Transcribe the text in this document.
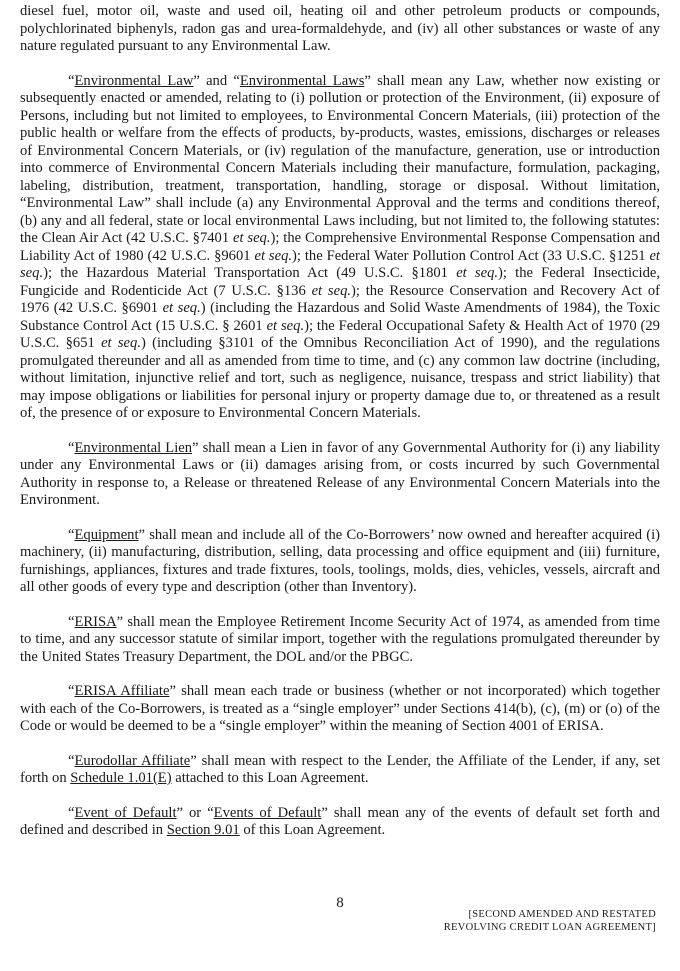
diesel fuel, motor oil, waste and used oil, heating oil and other petroleum products or compounds, polychlorinated biphenyls, radon gas and urea-formaldehyde, and (iv) all other substances or waste of any nature regulated pursuant to any Environmental Law.

“Environmental Law” and “Environmental Laws” shall mean any Law, whether now existing or subsequently enacted or amended, relating to (i) pollution or protection of the Environment, (ii) exposure of Persons, including but not limited to employees, to Environmental Concern Materials, (iii) protection of the public health or welfare from the effects of products, by-products, wastes, emissions, discharges or releases of Environmental Concern Materials, or (iv) regulation of the manufacture, generation, use or introduction into commerce of Environmental Concern Materials including their manufacture, formulation, packaging, labeling, distribution, treatment, transportation, handling, storage or disposal. Without limitation, “Environmental Law” shall include (a) any Environmental Approval and the terms and conditions thereof, (b) any and all federal, state or local environmental Laws including, but not limited to, the following statutes: the Clean Air Act (42 U.S.C. §7401 et seq.); the Comprehensive Environmental Response Compensation and Liability Act of 1980 (42 U.S.C. §9601 et seq.); the Federal Water Pollution Control Act (33 U.S.C. §1251 et seq.); the Hazardous Material Transportation Act (49 U.S.C. §1801 et seq.); the Federal Insecticide, Fungicide and Rodenticide Act (7 U.S.C. §136 et seq.); the Resource Conservation and Recovery Act of 1976 (42 U.S.C. §6901 et seq.) (including the Hazardous and Solid Waste Amendments of 1984), the Toxic Substance Control Act (15 U.S.C. § 2601 et seq.); the Federal Occupational Safety & Health Act of 1970 (29 U.S.C. §651 et seq.) (including §3101 of the Omnibus Reconciliation Act of 1990), and the regulations promulgated thereunder and all as amended from time to time, and (c) any common law doctrine (including, without limitation, injunctive relief and tort, such as negligence, nuisance, trespass and strict liability) that may impose obligations or liabilities for personal injury or property damage due to, or threatened as a result of, the presence of or exposure to Environmental Concern Materials.

“Environmental Lien” shall mean a Lien in favor of any Governmental Authority for (i) any liability under any Environmental Laws or (ii) damages arising from, or costs incurred by such Governmental Authority in response to, a Release or threatened Release of any Environmental Concern Materials into the Environment.

“Equipment” shall mean and include all of the Co-Borrowers’ now owned and hereafter acquired (i) machinery, (ii) manufacturing, distribution, selling, data processing and office equipment and (iii) furniture, furnishings, appliances, fixtures and trade fixtures, tools, toolings, molds, dies, vehicles, vessels, aircraft and all other goods of every type and description (other than Inventory).

“ERISA” shall mean the Employee Retirement Income Security Act of 1974, as amended from time to time, and any successor statute of similar import, together with the regulations promulgated thereunder by the United States Treasury Department, the DOL and/or the PBGC.

“ERISA Affiliate” shall mean each trade or business (whether or not incorporated) which together with each of the Co-Borrowers, is treated as a “single employer” under Sections 414(b), (c), (m) or (o) of the Code or would be deemed to be a “single employer” within the meaning of Section 4001 of ERISA.

“Eurodollar Affiliate” shall mean with respect to the Lender, the Affiliate of the Lender, if any, set forth on Schedule 1.01(E) attached to this Loan Agreement.

“Event of Default” or “Events of Default” shall mean any of the events of default set forth and defined and described in Section 9.01 of this Loan Agreement.

8
[SECOND AMENDED AND RESTATED
REVOLVING CREDIT LOAN AGREEMENT]
